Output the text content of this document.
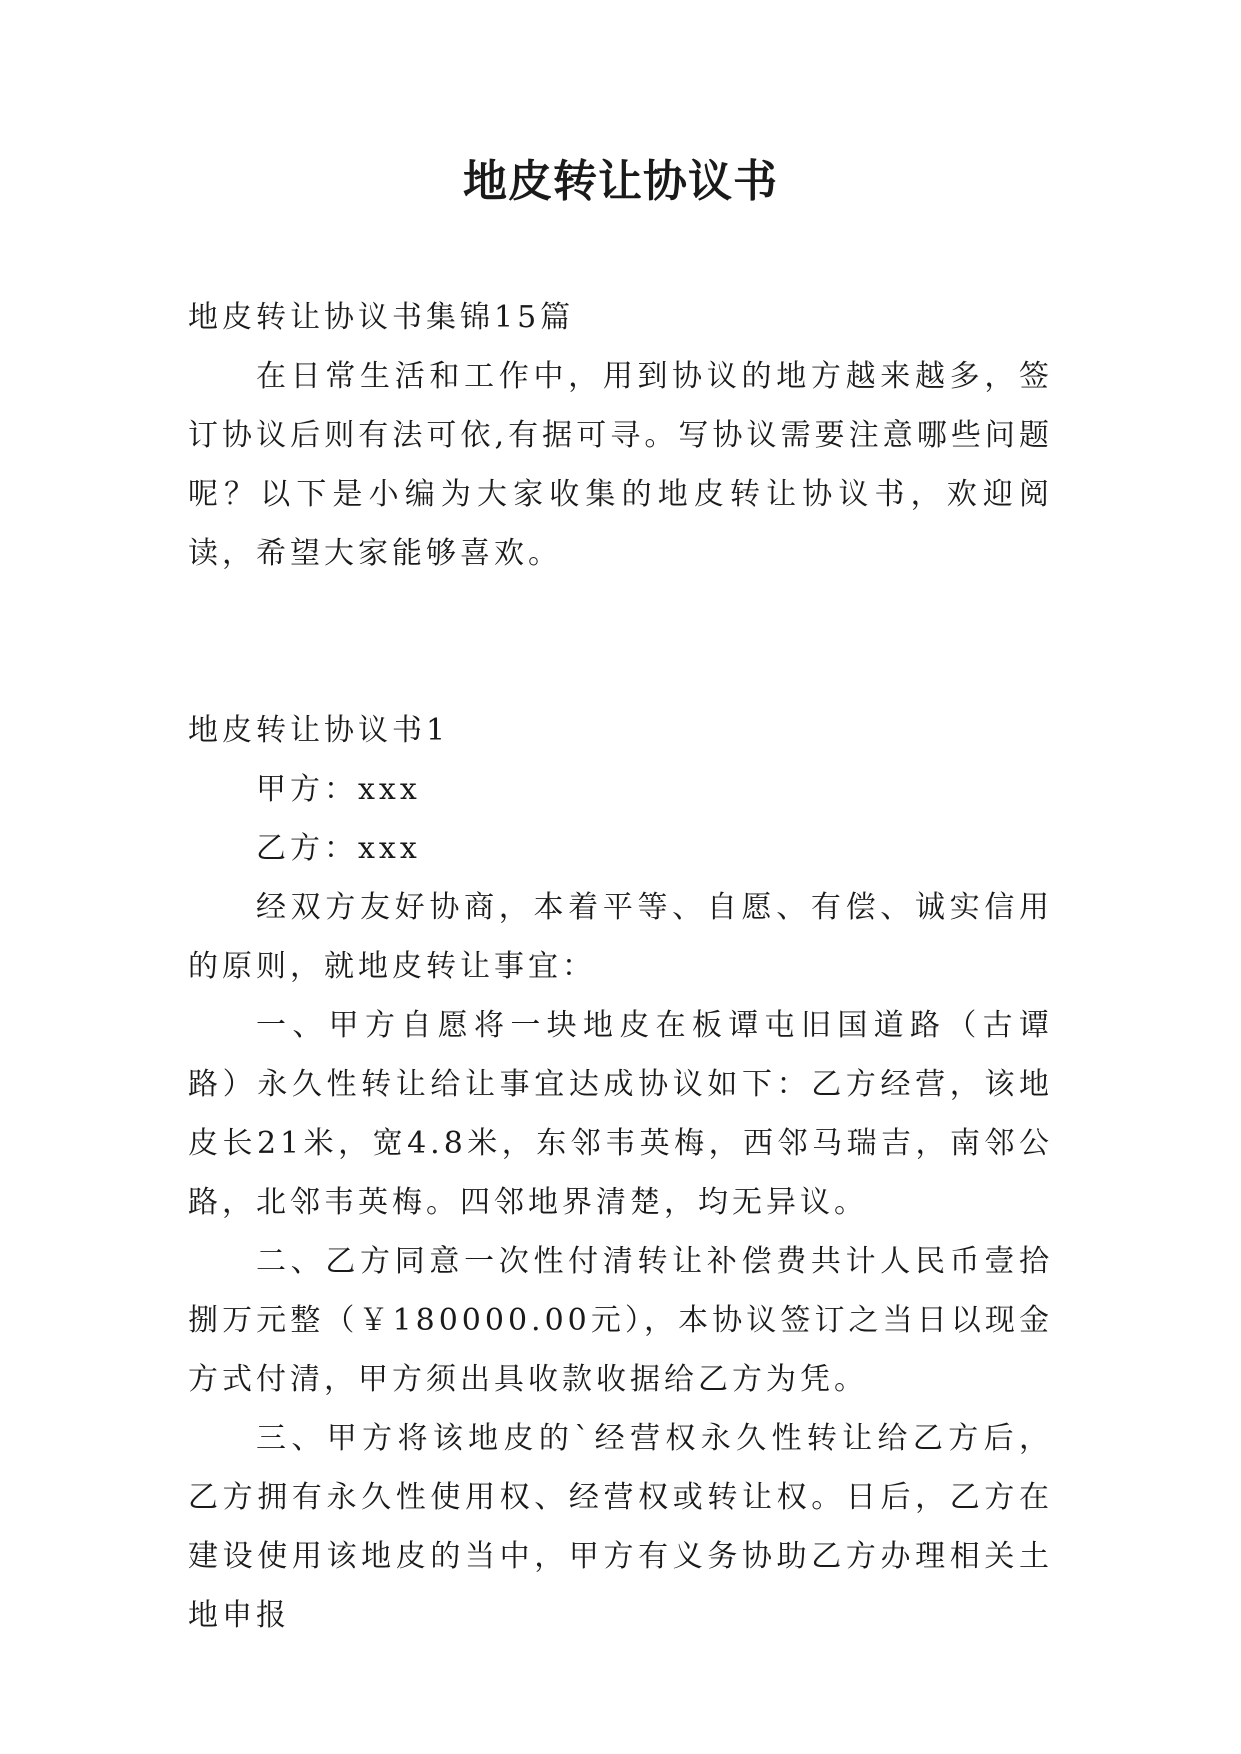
地皮转让协议书

地皮转让协议书集锦15篇

在日常生活和工作中，用到协议的地方越来越多，签订协议后则有法可依,有据可寻。写协议需要注意哪些问题呢？以下是小编为大家收集的地皮转让协议书，欢迎阅读，希望大家能够喜欢。

地皮转让协议书1

甲方：xxx

乙方：xxx

经双方友好协商，本着平等、自愿、有偿、诚实信用的原则，就地皮转让事宜：

一、甲方自愿将一块地皮在板谭屯旧国道路（古谭路）永久性转让给让事宜达成协议如下：乙方经营，该地皮长21米，宽4.8米，东邻韦英梅，西邻马瑞吉，南邻公路，北邻韦英梅。四邻地界清楚，均无异议。

二、乙方同意一次性付清转让补偿费共计人民币壹拾捌万元整（￥180000.00元），本协议签订之当日以现金方式付清，甲方须出具收款收据给乙方为凭。

三、甲方将该地皮的`经营权永久性转让给乙方后，乙方拥有永久性使用权、经营权或转让权。日后，乙方在建设使用该地皮的当中，甲方有义务协助乙方办理相关土地申报
